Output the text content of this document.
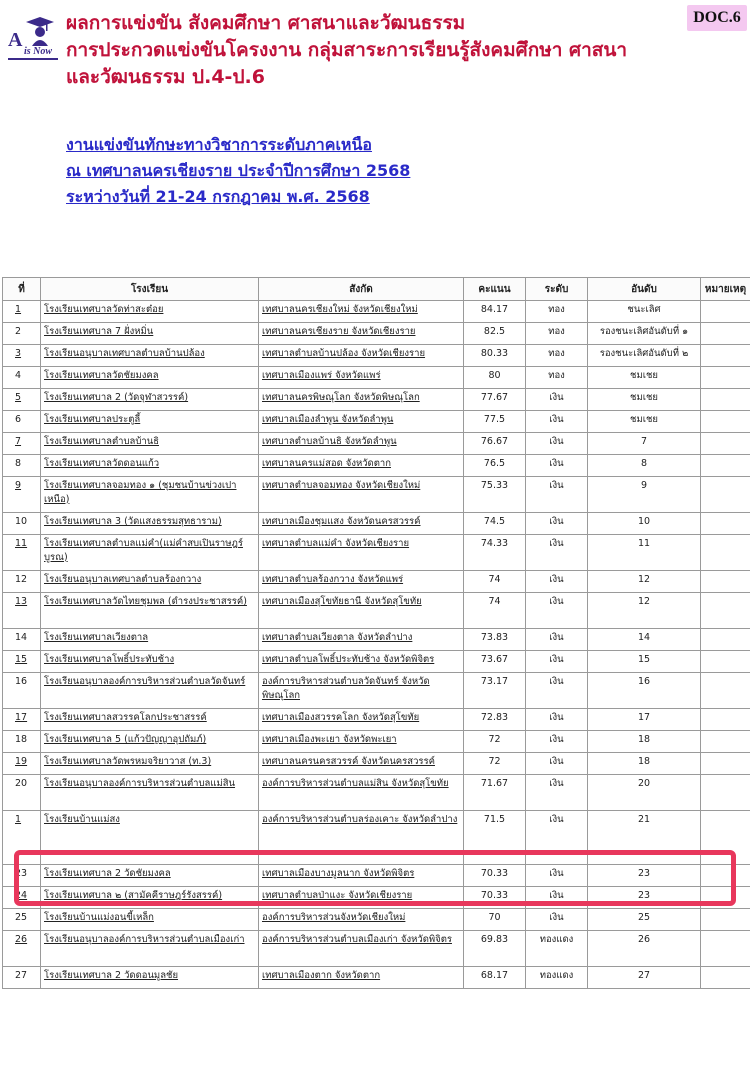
A
is Now
DOC.6
ผลการแข่งขัน สังคมศึกษา ศาสนาและวัฒนธรรม
การประกวดแข่งขันโครงงาน กลุ่มสาระการเรียนรู้สังคมศึกษา ศาสนา
และวัฒนธรรม ป.4-ป.6
งานแข่งขันทักษะทางวิชาการระดับภาคเหนือ
ณ เทศบาลนครเชียงราย ประจำปีการศึกษา 2568
ระหว่างวันที่ 21-24 กรกฎาคม พ.ศ. 2568
ที่	โรงเรียน	สังกัด	คะแนน	ระดับ	อันดับ	หมายเหตุ
1	โรงเรียนเทศบาลวัดท่าสะต๋อย	เทศบาลนครเชียงใหม่ จังหวัดเชียงใหม่	84.17	ทอง	ชนะเลิศ	
2	โรงเรียนเทศบาล 7 ฝั่งหมิ่น	เทศบาลนครเชียงราย จังหวัดเชียงราย	82.5	ทอง	รองชนะเลิศอันดับที่ ๑	
3	โรงเรียนอนุบาลเทศบาลตำบลบ้านปล้อง	เทศบาลตำบลบ้านปล้อง จังหวัดเชียงราย	80.33	ทอง	รองชนะเลิศอันดับที่ ๒	
4	โรงเรียนเทศบาลวัดชัยมงคล	เทศบาลเมืองแพร่ จังหวัดแพร่	80	ทอง	ชมเชย	
5	โรงเรียนเทศบาล 2 (วัดจุฬาสวรรค์)	เทศบาลนครพิษณุโลก จังหวัดพิษณุโลก	77.67	เงิน	ชมเชย	
6	โรงเรียนเทศบาลประตูลี้	เทศบาลเมืองลำพูน จังหวัดลำพูน	77.5	เงิน	ชมเชย	
7	โรงเรียนเทศบาลตำบลบ้านธิ	เทศบาลตำบลบ้านธิ จังหวัดลำพูน	76.67	เงิน	7	
8	โรงเรียนเทศบาลวัดดอนแก้ว	เทศบาลนครแม่สอด จังหวัดตาก	76.5	เงิน	8	
9	โรงเรียนเทศบาลจอมทอง ๑ (ชุมชนบ้านข่วงเปาเหนือ)	เทศบาลตำบลจอมทอง จังหวัดเชียงใหม่	75.33	เงิน	9	
10	โรงเรียนเทศบาล 3 (วัดแสงธรรมสุทธาราม)	เทศบาลเมืองชุมแสง จังหวัดนครสวรรค์	74.5	เงิน	10	
11	โรงเรียนเทศบาลตำบลแม่คำ(แม่คำสบเปินราษฎร์บูรณ)	เทศบาลตำบลแม่คำ จังหวัดเชียงราย	74.33	เงิน	11	
12	โรงเรียนอนุบาลเทศบาลตำบลร้องกวาง	เทศบาลตำบลร้องกวาง จังหวัดแพร่	74	เงิน	12	
13	โรงเรียนเทศบาลวัดไทยชุมพล (ดำรงประชาสรรค์)	เทศบาลเมืองสุโขทัยธานี จังหวัดสุโขทัย	74	เงิน	12	
14	โรงเรียนเทศบาลเวียงตาล	เทศบาลตำบลเวียงตาล จังหวัดลำปาง	73.83	เงิน	14	
15	โรงเรียนเทศบาลโพธิ์ประทับช้าง	เทศบาลตำบลโพธิ์ประทับช้าง จังหวัดพิจิตร	73.67	เงิน	15	
16	โรงเรียนอนุบาลองค์การบริหารส่วนตำบลวัดจันทร์	องค์การบริหารส่วนตำบลวัดจันทร์ จังหวัดพิษณุโลก	73.17	เงิน	16	
17	โรงเรียนเทศบาลสวรรคโลกประชาสรรค์	เทศบาลเมืองสวรรคโลก จังหวัดสุโขทัย	72.83	เงิน	17	
18	โรงเรียนเทศบาล 5 (แก้วปัญญาอุปถัมภ์)	เทศบาลเมืองพะเยา จังหวัดพะเยา	72	เงิน	18	
19	โรงเรียนเทศบาลวัดพรหมจริยาวาส (ท.3)	เทศบาลนครนครสวรรค์ จังหวัดนครสวรรค์	72	เงิน	18	
20	โรงเรียนอนุบาลองค์การบริหารส่วนตำบลแม่สิน	องค์การบริหารส่วนตำบลแม่สิน จังหวัดสุโขทัย	71.67	เงิน	20	
1	โรงเรียนบ้านแม่สง	องค์การบริหารส่วนตำบลร่องเคาะ จังหวัดลำปาง	71.5	เงิน	21	
23	โรงเรียนเทศบาล 2 วัดชัยมงคล	เทศบาลเมืองบางมูลนาก จังหวัดพิจิตร	70.33	เงิน	23	
24	โรงเรียนเทศบาล ๒ (สามัคคีราษฎร์รังสรรค์)	เทศบาลตำบลป่าแงะ จังหวัดเชียงราย	70.33	เงิน	23	
25	โรงเรียนบ้านแม่งอนขี้เหล็ก	องค์การบริหารส่วนจังหวัดเชียงใหม่	70	เงิน	25	
26	โรงเรียนอนุบาลองค์การบริหารส่วนตำบลเมืองเก่า	องค์การบริหารส่วนตำบลเมืองเก่า จังหวัดพิจิตร	69.83	ทองแดง	26	
27	โรงเรียนเทศบาล 2 วัดดอนมูลชัย	เทศบาลเมืองตาก จังหวัดตาก	68.17	ทองแดง	27	
